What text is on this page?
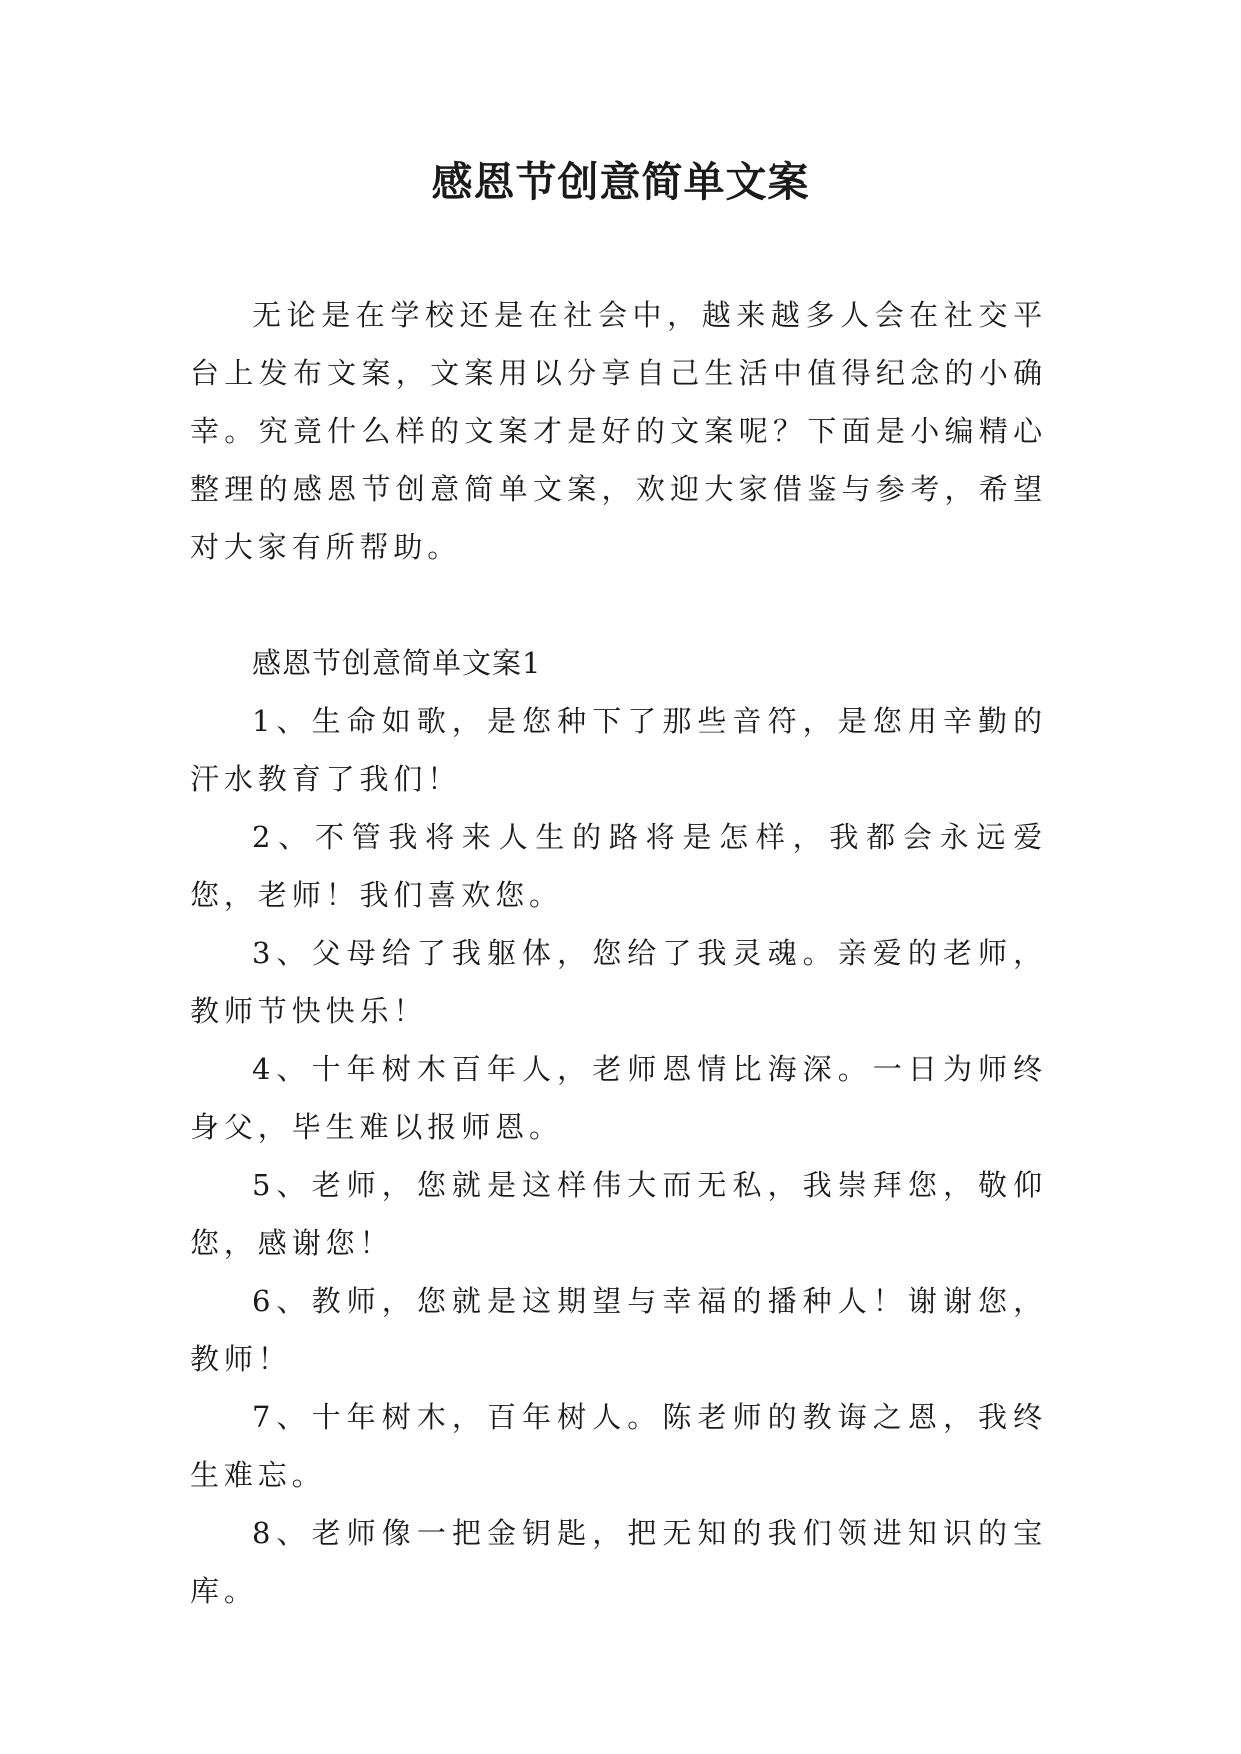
感恩节创意简单文案

无论是在学校还是在社会中，越来越多人会在社交平台上发布文案，文案用以分享自己生活中值得纪念的小确幸。究竟什么样的文案才是好的文案呢？下面是小编精心整理的感恩节创意简单文案，欢迎大家借鉴与参考，希望对大家有所帮助。

感恩节创意简单文案1
1、生命如歌，是您种下了那些音符，是您用辛勤的汗水教育了我们！
2、不管我将来人生的路将是怎样，我都会永远爱您，老师！我们喜欢您。
3、父母给了我躯体，您给了我灵魂。亲爱的老师，教师节快快乐！
4、十年树木百年人，老师恩情比海深。一日为师终身父，毕生难以报师恩。
5、老师，您就是这样伟大而无私，我崇拜您，敬仰您，感谢您！
6、教师，您就是这期望与幸福的播种人！谢谢您，教师！
7、十年树木，百年树人。陈老师的教诲之恩，我终生难忘。
8、老师像一把金钥匙，把无知的我们领进知识的宝库。
